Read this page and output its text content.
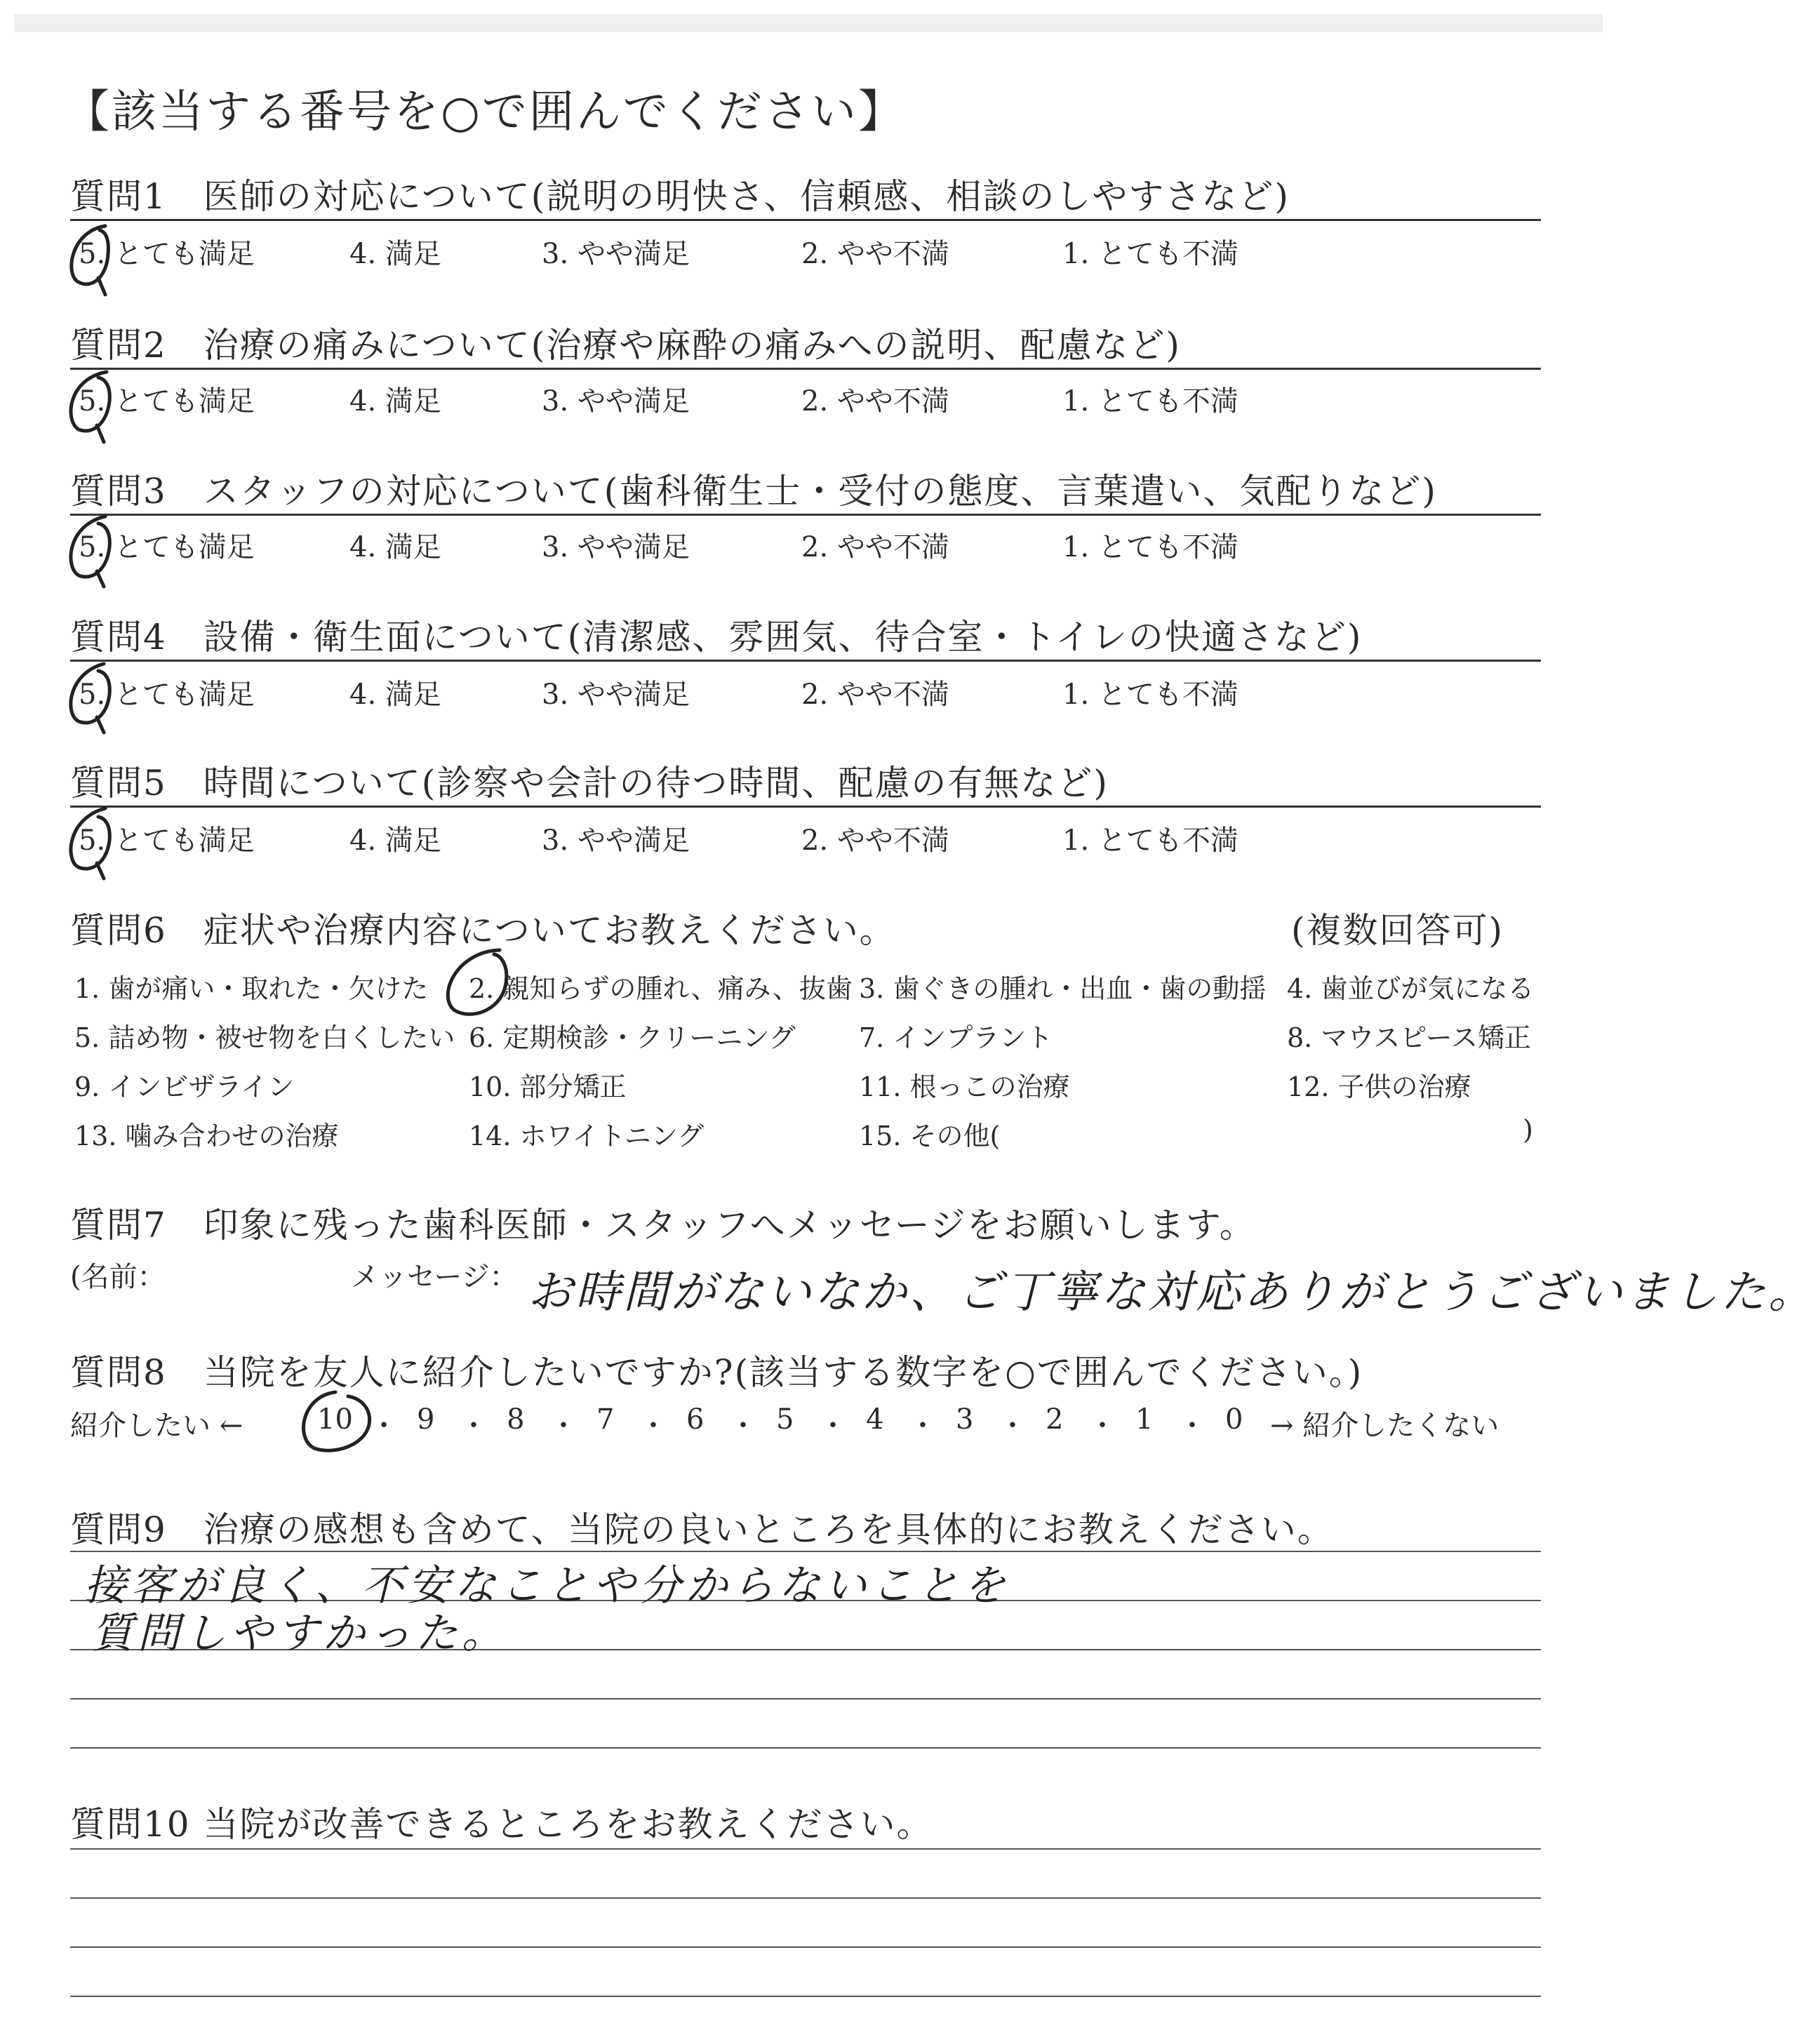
【該当する番号を○で囲んでください】
質問1　医師の対応について(説明の明快さ、信頼感、相談のしやすさなど)
5. とても満足	4. 満足	3. やや満足	2. やや不満	1. とても不満
質問2　治療の痛みについて(治療や麻酔の痛みへの説明、配慮など)
5. とても満足	4. 満足	3. やや満足	2. やや不満	1. とても不満
質問3　スタッフの対応について(歯科衛生士・受付の態度、言葉遣い、気配りなど)
5. とても満足	4. 満足	3. やや満足	2. やや不満	1. とても不満
質問4　設備・衛生面について(清潔感、雰囲気、待合室・トイレの快適さなど)
5. とても満足	4. 満足	3. やや満足	2. やや不満	1. とても不満
質問5　時間について(診察や会計の待つ時間、配慮の有無など)
5. とても満足	4. 満足	3. やや満足	2. やや不満	1. とても不満
質問6　症状や治療内容についてお教えください。	(複数回答可)
1. 歯が痛い・取れた・欠けた 2. 親知らずの腫れ、痛み、抜歯 3. 歯ぐきの腫れ・出血・歯の動揺 4. 歯並びが気になる
5. 詰め物・被せ物を白くしたい 6. 定期検診・クリーニング 7. インプラント	8. マウスピース矯正
9. インビザライン	10. 部分矯正	11. 根っこの治療	12. 子供の治療
13. 噛み合わせの治療	14. ホワイトニング	15. その他(	)
質問7　印象に残った歯科医師・スタッフへメッセージをお願いします。
(名前：	メッセージ： お時間がないなか、ご丁寧な対応ありがとうございました。
質問8　当院を友人に紹介したいですか?(該当する数字を○で囲んでください。)
紹介したい ←	10 ・ 9 ・ 8 ・ 7 ・ 6 ・ 5 ・ 4 ・ 3 ・ 2 ・ 1 ・ 0 → 紹介したくない
質問9　治療の感想も含めて、当院の良いところを具体的にお教えください。
接客が良く、不安なことや分からないことを
質問しやすかった。
質問10 当院が改善できるところをお教えください。
